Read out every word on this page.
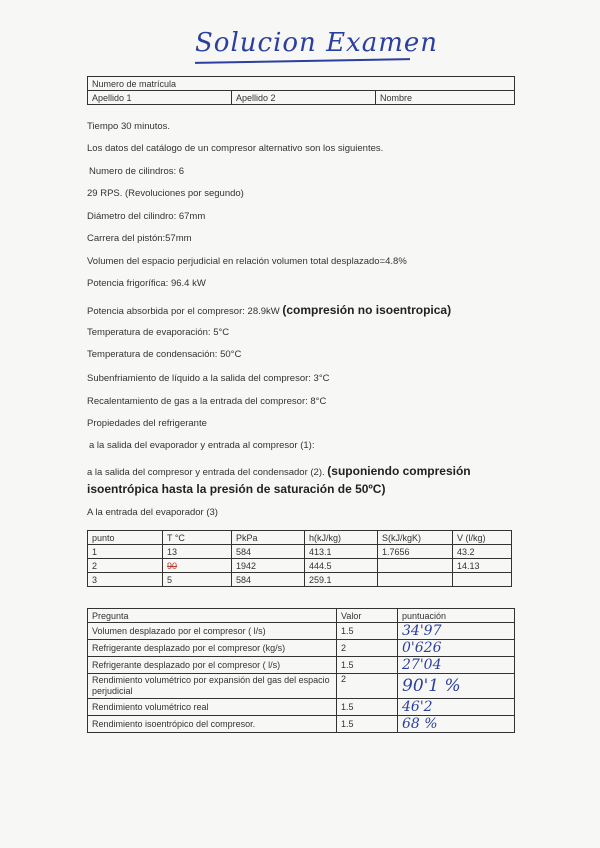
Solucion Examen
Numero de matrícula
Apellido 1	Apellido 2	Nombre
Tiempo 30 minutos.
Los datos del catálogo de un compresor alternativo son los siguientes.
Numero de cilindros: 6
29 RPS. (Revoluciones por segundo)
Diámetro del cilindro: 67mm
Carrera del pistón:57mm
Volumen del espacio perjudicial en relación volumen total desplazado=4.8%
Potencia frigorífica: 96.4 kW
Potencia absorbida por el compresor: 28.9kW (compresión no isoentropica)
Temperatura de evaporación: 5°C
Temperatura de condensación: 50°C
Subenfriamiento de líquido a la salida del compresor: 3°C
Recalentamiento de gas a la entrada del compresor: 8°C
Propiedades del refrigerante
a la salida del evaporador y entrada al compresor (1):
a la salida del compresor y entrada del condensador (2). (suponiendo compresión
isoentrópica hasta la presión de saturación de 50ºC)
A la entrada del evaporador (3)
punto	T °C	PkPa	h(kJ/kg)	S(kJ/kgK)	V (l/kg)
1	13	584	413.1	1.7656	43.2
2	90	1942	444.5		14.13
3	5	584	259.1		
Pregunta	Valor	puntuación
Volumen desplazado por el compresor ( l/s)	1.5	34'97
Refrigerante desplazado por el compresor (kg/s)	2	0'626
Refrigerante desplazado por el compresor ( l/s)	1.5	27'04
Rendimiento volumétrico por expansión del gas del espacio perjudicial	2	90'1 %
Rendimiento volumétrico real	1.5	46'2
Rendimiento isoentrópico del compresor.	1.5	68 %
